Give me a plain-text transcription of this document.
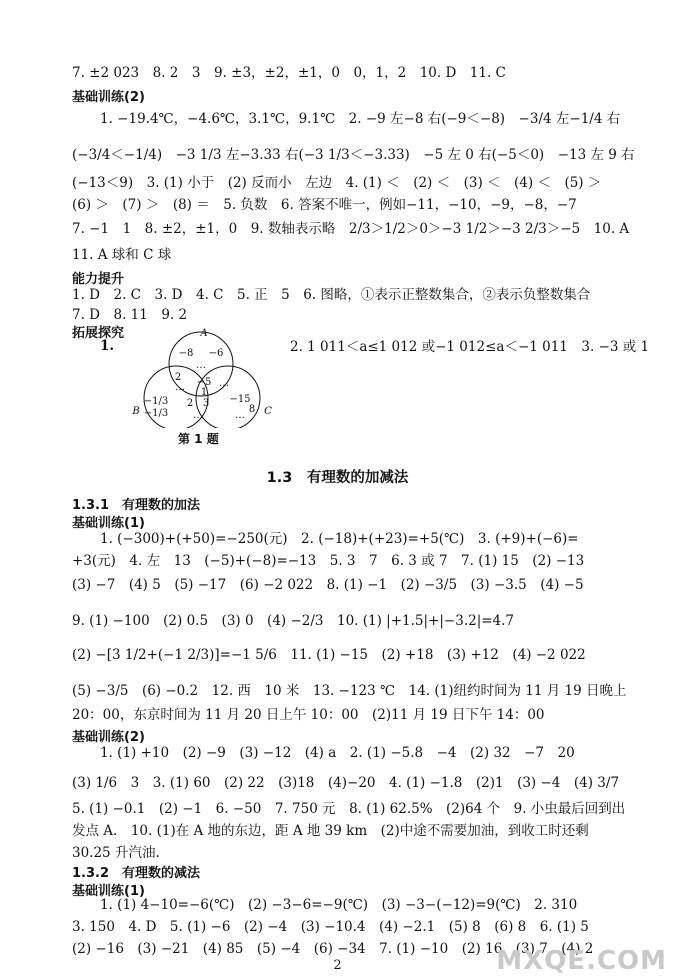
7. ±2 023　8. 2　3　9. ±3，±2，±1，0　0，1，2　10. D　11. C
基础训练(2)
1. −19.4℃，−4.6℃，3.1℃，9.1℃　2. −9 左−8 右(−9＜−8)　−3/4 左−1/4 右
(−3/4＜−1/4)　−3 1/3 左−3.33 右(−3 1/3＜−3.33)　−5 左 0 右(−5＜0)　−13 左 9 右
(−13＜9)　3. (1) 小于　(2) 反而小　左边　4. (1) ＜　(2) ＜　(3) ＜　(4) ＜　(5) ＞
(6) ＞　(7) ＞　(8) ＝　5. 负数　6. 答案不唯一，例如−11，−10，−9，−8，−7
7. −1　1　8. ±2，±1，0　9. 数轴表示略　2/3＞1/2＞0＞−3 1/2＞−3 2/3＞−5　10. A
11. A 球和 C 球
能力提升
1. D　2. C　3. D　4. C　5. 正　5　6. 图略，①表示正整数集合，②表示负整数集合
7. D　8. 11　9. 2
拓展探究
1.
A
B	C
−8 −6
…
2
… −5
1
…
−1/3
−1/3
2 3
…
−15
8
…
2. 1 011＜a≤1 012 或−1 012≤a＜−1 011　3. −3 或 1
第 1 题
1.3　有理数的加减法
1.3.1　有理数的加法
基础训练(1)
1. (−300)+(+50)=−250(元)　2. (−18)+(+23)=+5(℃)　3. (+9)+(−6)=
+3(元)　4. 左　13　(−5)+(−8)=−13　5. 3　7　6. 3 或 7　7. (1) 15　(2) −13
(3) −7　(4) 5　(5) −17　(6) −2 022　8. (1) −1　(2) −3/5　(3) −3.5　(4) −5
9. (1) −100　(2) 0.5　(3) 0　(4) −2/3　10. (1) |+1.5|+|−3.2|=4.7
(2) −[3 1/2+(−1 2/3)]=−1 5/6　11. (1) −15　(2) +18　(3) +12　(4) −2 022
(5) −3/5　(6) −0.2　12. 西　10 米　13. −123 ℃　14. (1)纽约时间为 11 月 19 日晚上
20：00，东京时间为 11 月 20 日上午 10：00　(2)11 月 19 日下午 14：00
基础训练(2)
1. (1) +10　(2) −9　(3) −12　(4) a　2. (1) −5.8　−4　(2) 32　−7　20
(3) 1/6　3　3. (1) 60　(2) 22　(3)18　(4)−20　4. (1) −1.8　(2)1　(3) −4　(4) 3/7
5. (1) −0.1　(2) −1　6. −50　7. 750 元　8. (1) 62.5%　(2)64 个　9. 小虫最后回到出
发点 A.　10. (1)在 A 地的东边，距 A 地 39 km　(2)中途不需要加油，到收工时还剩
30.25 升汽油.
1.3.2　有理数的减法
基础训练(1)
1. (1) 4−10=−6(℃)　(2) −3−6=−9(℃)　(3) −3−(−12)=9(℃)　2. 310
3. 150　4. D　5. (1) −6　(2) −4　(3) −10.4　(4) −2.1　(5) 8　(6) 8　6. (1) 5
(2) −16　(3) −21　(4) 85　(5) −4　(6) −34　7. (1) −10　(2) 16　(3) 7　(4) 2
2	MXQE.COM
